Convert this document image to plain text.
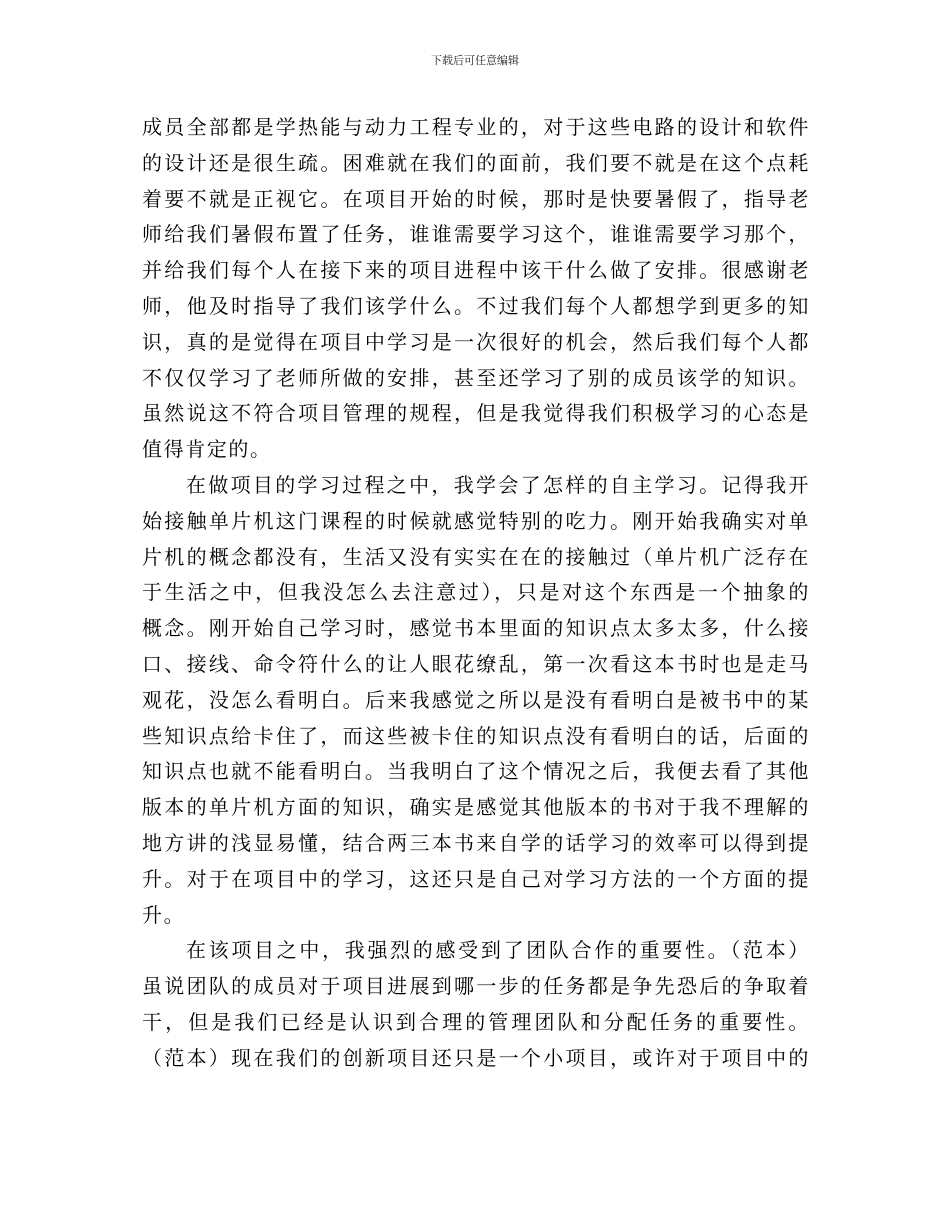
下载后可任意编辑
成员全部都是学热能与动力工程专业的，对于这些电路的设计和软件
的设计还是很生疏。困难就在我们的面前，我们要不就是在这个点耗
着要不就是正视它。在项目开始的时候，那时是快要暑假了，指导老
师给我们暑假布置了任务，谁谁需要学习这个，谁谁需要学习那个，
并给我们每个人在接下来的项目进程中该干什么做了安排。很感谢老
师，他及时指导了我们该学什么。不过我们每个人都想学到更多的知
识，真的是觉得在项目中学习是一次很好的机会，然后我们每个人都
不仅仅学习了老师所做的安排，甚至还学习了别的成员该学的知识。
虽然说这不符合项目管理的规程，但是我觉得我们积极学习的心态是
值得肯定的。
在做项目的学习过程之中，我学会了怎样的自主学习。记得我开
始接触单片机这门课程的时候就感觉特别的吃力。刚开始我确实对单
片机的概念都没有，生活又没有实实在在的接触过（单片机广泛存在
于生活之中，但我没怎么去注意过），只是对这个东西是一个抽象的
概念。刚开始自己学习时，感觉书本里面的知识点太多太多，什么接
口、接线、命令符什么的让人眼花缭乱，第一次看这本书时也是走马
观花，没怎么看明白。后来我感觉之所以是没有看明白是被书中的某
些知识点给卡住了，而这些被卡住的知识点没有看明白的话，后面的
知识点也就不能看明白。当我明白了这个情况之后，我便去看了其他
版本的单片机方面的知识，确实是感觉其他版本的书对于我不理解的
地方讲的浅显易懂，结合两三本书来自学的话学习的效率可以得到提
升。对于在项目中的学习，这还只是自己对学习方法的一个方面的提
升。
在该项目之中，我强烈的感受到了团队合作的重要性。（范本）
虽说团队的成员对于项目进展到哪一步的任务都是争先恐后的争取着
干，但是我们已经是认识到合理的管理团队和分配任务的重要性。
（范本）现在我们的创新项目还只是一个小项目，或许对于项目中的
